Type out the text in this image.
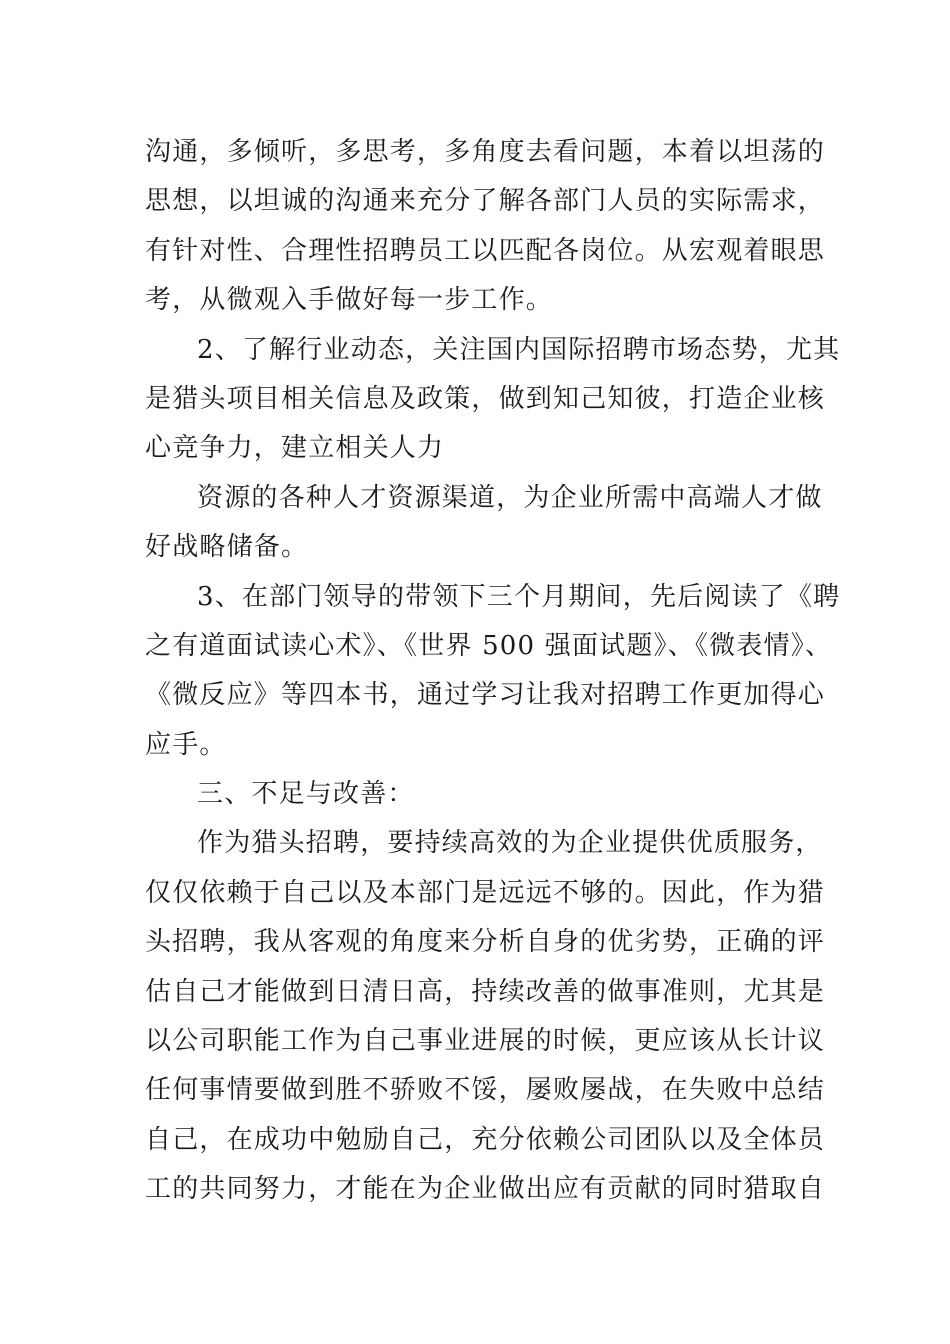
沟通，多倾听，多思考，多角度去看问题，本着以坦荡的
思想，以坦诚的沟通来充分了解各部门人员的实际需求，
有针对性、合理性招聘员工以匹配各岗位。从宏观着眼思
考，从微观入手做好每一步工作。
2、了解行业动态，关注国内国际招聘市场态势，尤其
是猎头项目相关信息及政策，做到知己知彼，打造企业核
心竞争力，建立相关人力
资源的各种人才资源渠道，为企业所需中高端人才做
好战略储备。
3、在部门领导的带领下三个月期间，先后阅读了《聘
之有道面试读心术》、《世界 500 强面试题》、《微表情》、
《微反应》等四本书，通过学习让我对招聘工作更加得心
应手。
三、不足与改善：
作为猎头招聘，要持续高效的为企业提供优质服务，
仅仅依赖于自己以及本部门是远远不够的。因此，作为猎
头招聘，我从客观的角度来分析自身的优劣势，正确的评
估自己才能做到日清日高，持续改善的做事准则，尤其是
以公司职能工作为自己事业进展的时候，更应该从长计议
任何事情要做到胜不骄败不馁，屡败屡战，在失败中总结
自己，在成功中勉励自己，充分依赖公司团队以及全体员
工的共同努力，才能在为企业做出应有贡献的同时猎取自
